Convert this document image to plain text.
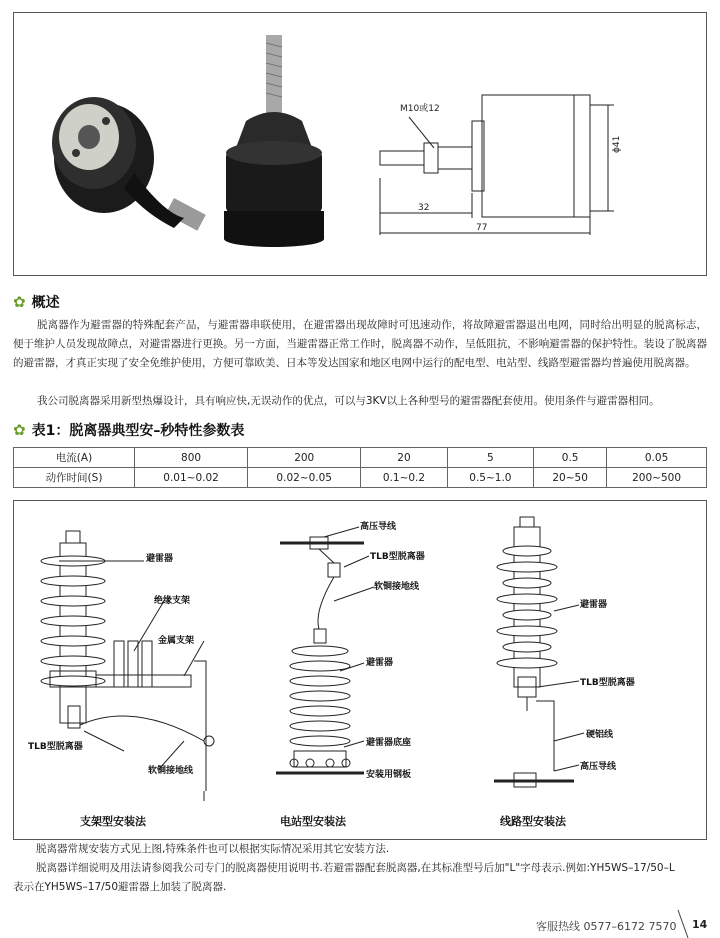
M10或12
32
77
ϕ41
✿ 概述
脱离器作为避雷器的特殊配套产品，与避雷器串联使用，在避雷器出现故障时可迅速动作，将故障避雷器退出电网，同时给出明显的脱离标志，便于维护人员发现故障点，对避雷器进行更换。另一方面，当避雷器正常工作时，脱离器不动作，呈低阻抗，不影响避雷器的保护特性。装设了脱离器的避雷器，才真正实现了安全免维护使用，方便可靠欧美、日本等发达国家和地区电网中运行的配电型、电站型、线路型避雷器均普遍使用脱离器。
我公司脱离器采用新型热爆设计，具有响应快,无误动作的优点，可以与3KV以上各种型号的避雷器配套使用。使用条件与避雷器相同。
✿ 表1：脱离器典型安–秒特性参数表
电流(A)	800	200	20	5	0.5	0.05
动作时间(S)	0.01~0.02	0.02~0.05	0.1~0.2	0.5~1.0	20~50	200~500
避雷器
绝缘支架
金属支架
TLB型脱离器
软铜接地线
支架型安装法
高压导线
TLB型脱离器
软铜接地线
避雷器
避雷器底座
安装用钢板
电站型安装法
避雷器
TLB型脱离器
硬铝线
高压导线
线路型安装法
脱离器常规安装方式见上图,特殊条件也可以根据实际情况采用其它安装方法.
脱离器详细说明及用法请参阅我公司专门的脱离器使用说明书.若避雷器配套脱离器,在其标准型号后加"L"字母表示.例如:YH5WS–17/50–L
表示在YH5WS–17/50避雷器上加装了脱离器.
客服热线 0577–6172 7570 14
